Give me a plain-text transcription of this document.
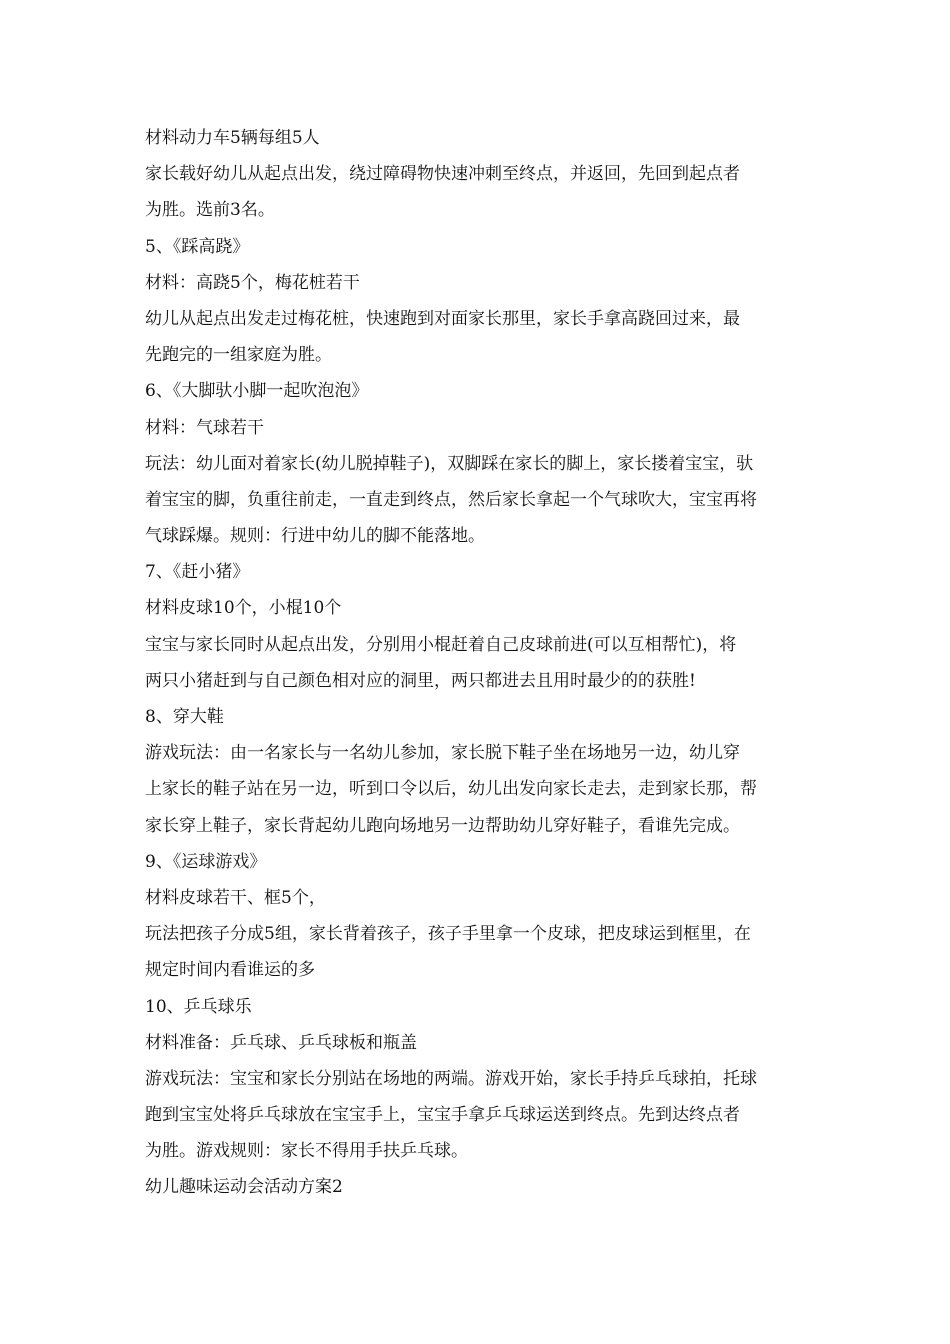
材料动力车5辆每组5人
家长载好幼儿从起点出发，绕过障碍物快速冲刺至终点，并返回，先回到起点者
为胜。选前3名。
5、《踩高跷》
材料：高跷5个，梅花桩若干
幼儿从起点出发走过梅花桩，快速跑到对面家长那里，家长手拿高跷回过来，最
先跑完的一组家庭为胜。
6、《大脚驮小脚一起吹泡泡》
材料：气球若干
玩法：幼儿面对着家长(幼儿脱掉鞋子)，双脚踩在家长的脚上，家长搂着宝宝，驮
着宝宝的脚，负重往前走，一直走到终点，然后家长拿起一个气球吹大，宝宝再将
气球踩爆。规则：行进中幼儿的脚不能落地。
7、《赶小猪》
材料皮球10个，小棍10个
宝宝与家长同时从起点出发，分别用小棍赶着自己皮球前进(可以互相帮忙)，将
两只小猪赶到与自己颜色相对应的洞里，两只都进去且用时最少的的获胜!
8、穿大鞋
游戏玩法：由一名家长与一名幼儿参加，家长脱下鞋子坐在场地另一边，幼儿穿
上家长的鞋子站在另一边，听到口令以后，幼儿出发向家长走去，走到家长那，帮
家长穿上鞋子，家长背起幼儿跑向场地另一边帮助幼儿穿好鞋子，看谁先完成。
9、《运球游戏》
材料皮球若干、框5个，
玩法把孩子分成5组，家长背着孩子，孩子手里拿一个皮球，把皮球运到框里，在
规定时间内看谁运的多
10、乒乓球乐
材料准备：乒乓球、乒乓球板和瓶盖
游戏玩法：宝宝和家长分别站在场地的两端。游戏开始，家长手持乒乓球拍，托球
跑到宝宝处将乒乓球放在宝宝手上，宝宝手拿乒乓球运送到终点。先到达终点者
为胜。游戏规则：家长不得用手扶乒乓球。
幼儿趣味运动会活动方案2
